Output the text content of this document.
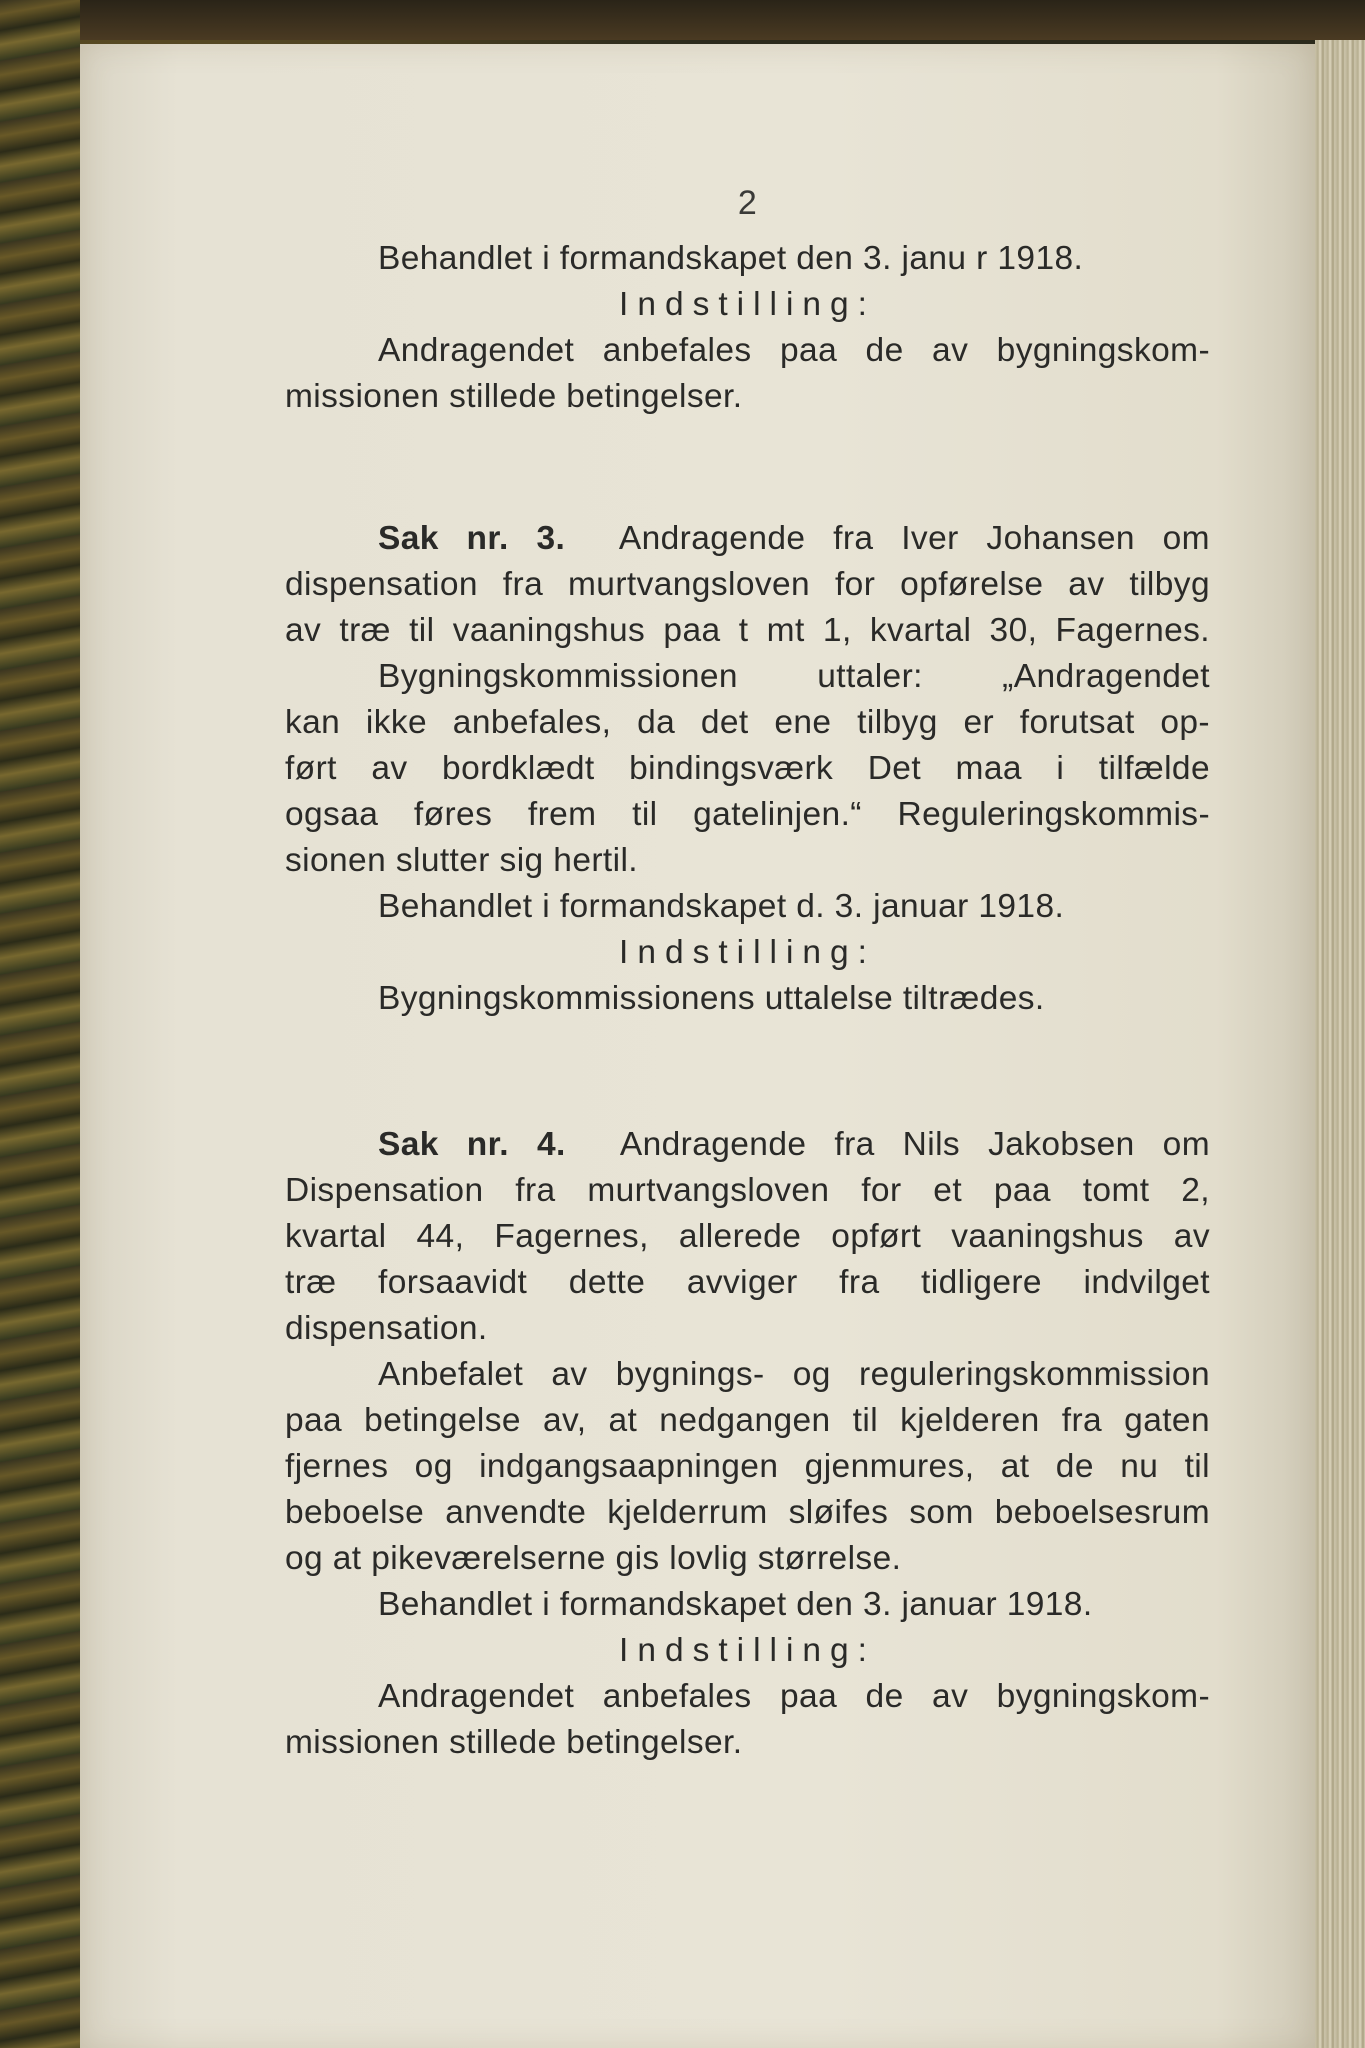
2

Behandlet i formandskapet den 3. janu r 1918.

Indstilling:

Andragendet anbefales paa de av bygningskom-
missionen stillede betingelser.
Sak nr. 3. Andragende fra Iver Johansen om
dispensation fra murtvangsloven for opførelse av tilbyg
av træ til vaaningshus paa t mt 1, kvartal 30, Fagernes.
Bygningskommissionen uttaler: „Andragendet
kan ikke anbefales, da det ene tilbyg er forutsat op-
ført av bordklædt bindingsværk Det maa i tilfælde
ogsaa føres frem til gatelinjen.“ Reguleringskommis-
sionen slutter sig hertil.

Behandlet i formandskapet d. 3. januar 1918.

Indstilling:

Bygningskommissionens uttalelse tiltrædes.

Sak nr. 4. Andragende fra Nils Jakobsen om
Dispensation fra murtvangsloven for et paa tomt 2,
kvartal 44, Fagernes, allerede opført vaaningshus av
træ forsaavidt dette avviger fra tidligere indvilget
dispensation.
Anbefalet av bygnings- og reguleringskommission
paa betingelse av, at nedgangen til kjelderen fra gaten
fjernes og indgangsaapningen gjenmures, at de nu til
beboelse anvendte kjelderrum sløifes som beboelsesrum
og at pikeværelserne gis lovlig størrelse.

Behandlet i formandskapet den 3. januar 1918.

Indstilling:

Andragendet anbefales paa de av bygningskom-
missionen stillede betingelser.
